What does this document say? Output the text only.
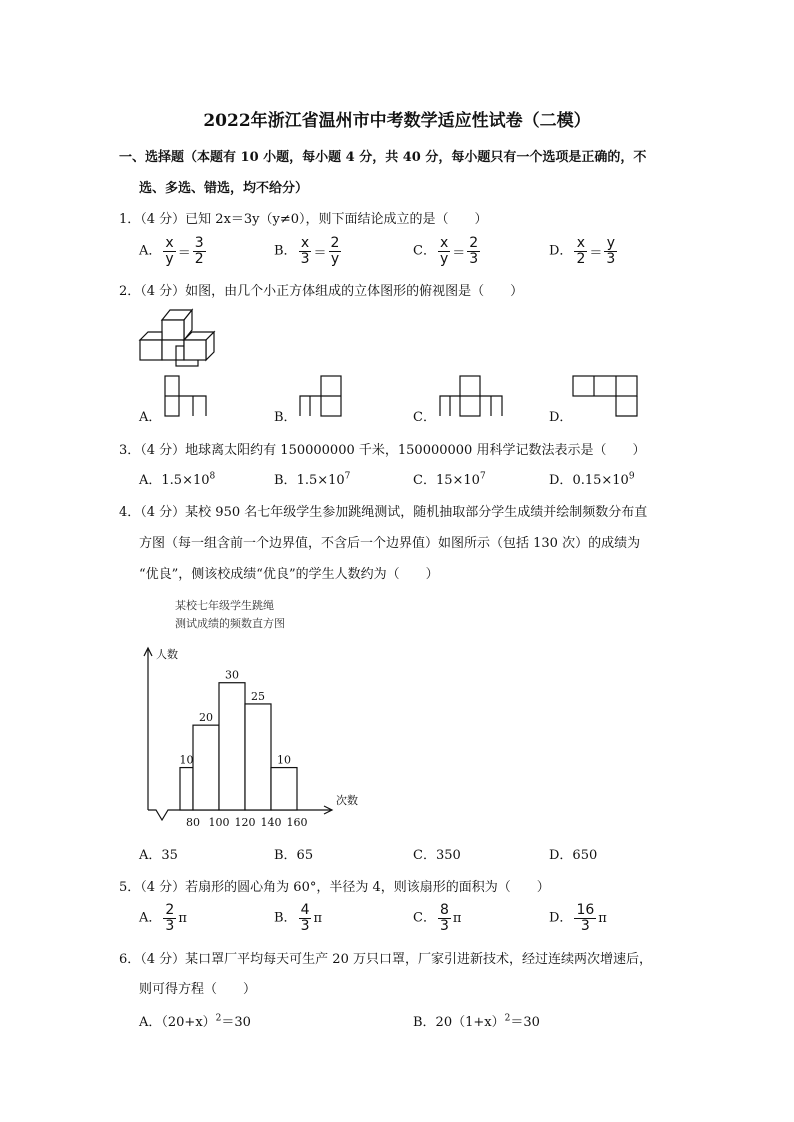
2022年浙江省温州市中考数学适应性试卷（二模）
一、选择题（本题有 10 小题，每小题 4 分，共 40 分，每小题只有一个选项是正确的，不
选、多选、错选，均不给分）
1．（4 分）已知 2x＝3y（y≠0），则下面结论成立的是（　　）
A． $\frac{x}{y} = \frac{3}{2}$	B． $\frac{x}{3} = \frac{2}{y}$	C． $\frac{x}{y} = \frac{2}{3}$	D． $\frac{x}{2} = \frac{y}{3}$
2．（4 分）如图，由几个小正方体组成的立体图形的俯视图是（　　）
A．	B．	C．	D．
3．（4 分）地球离太阳约有 150000000 千米，150000000 用科学记数法表示是（　　）
A．$1.5\times 10^8$	B．$1.5\times 10^7$	C．$15\times 10^7$	D．$0.15\times 10^9$
4．（4 分）某校 950 名七年级学生参加跳绳测试，随机抽取部分学生成绩并绘制频数分布直
方图（每一组含前一个边界值，不含后一个边界值）如图所示（包括 130 次）的成绩为
“优良”，侧该校成绩“优良”的学生人数约为（　　）
某校七年级学生跳绳
测试成绩的频数直方图
人数
次数
10
20
30
25
10
80 100 120 140 160
A．35	B．65	C．350	D．650
5．（4 分）若扇形的圆心角为 60°，半径为 4，则该扇形的面积为（　　）
A． $\frac{2}{3}$ π	B． $\frac{4}{3}$ π	C． $\frac{8}{3}$ π	D． $\frac{16}{3}$ π
6．（4 分）某口罩厂平均每天可生产 20 万只口罩，厂家引进新技术，经过连续两次增速后，
则可得方程（　　）
A．$(20+x)^2=30$	B．$20(1+x)^2=30$
